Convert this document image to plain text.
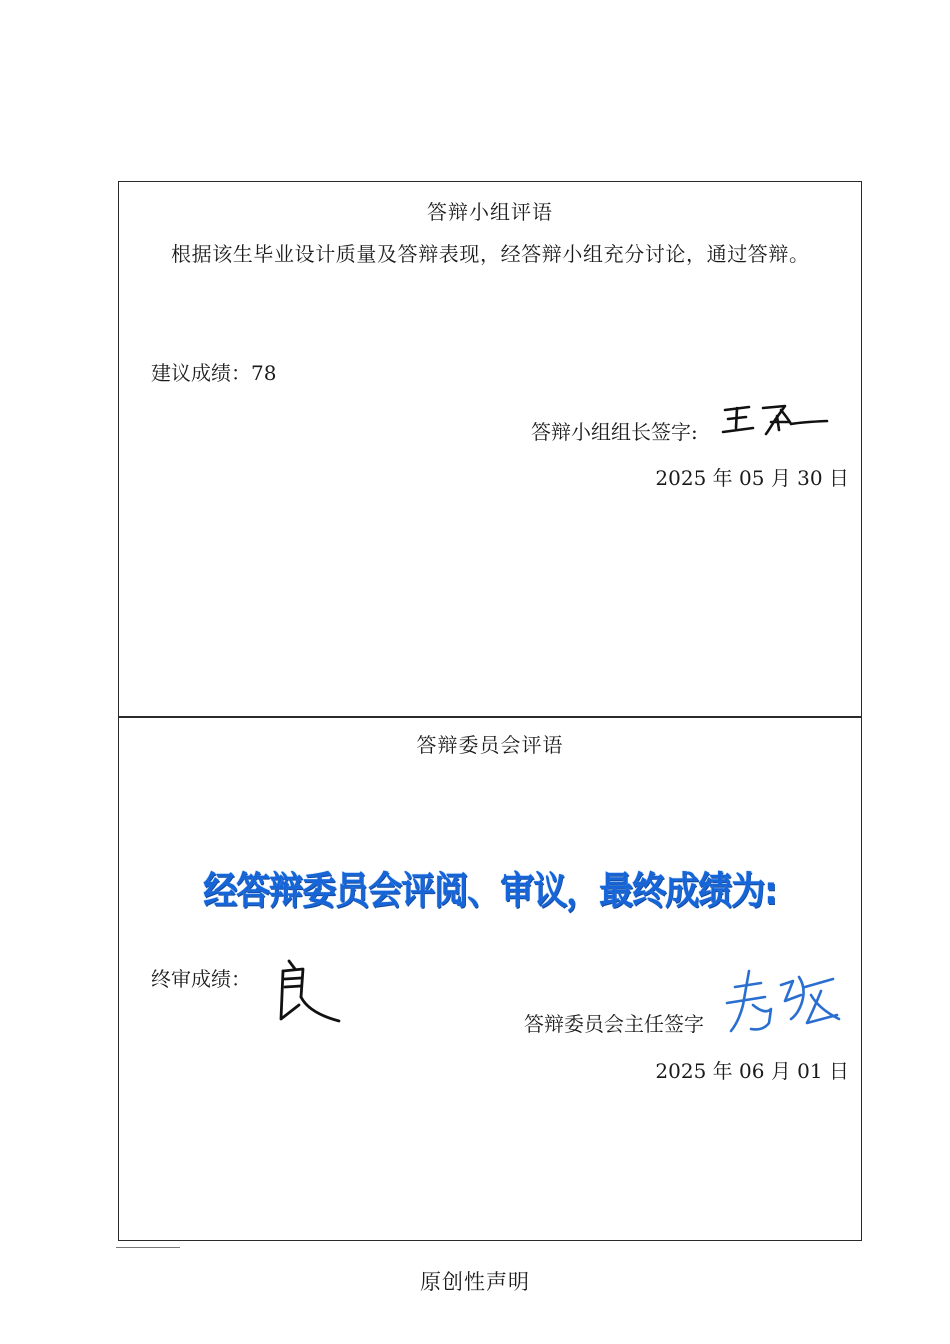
答辩小组评语
根据该生毕业设计质量及答辩表现，经答辩小组充分讨论，通过答辩。
建议成绩：78
答辩小组组长签字:
2025 年 05 月 30 日
答辩委员会评语
经答辩委员会评阅、审议，最终成绩为:
终审成绩：
答辩委员会主任签字
2025 年 06 月 01 日
原创性声明
